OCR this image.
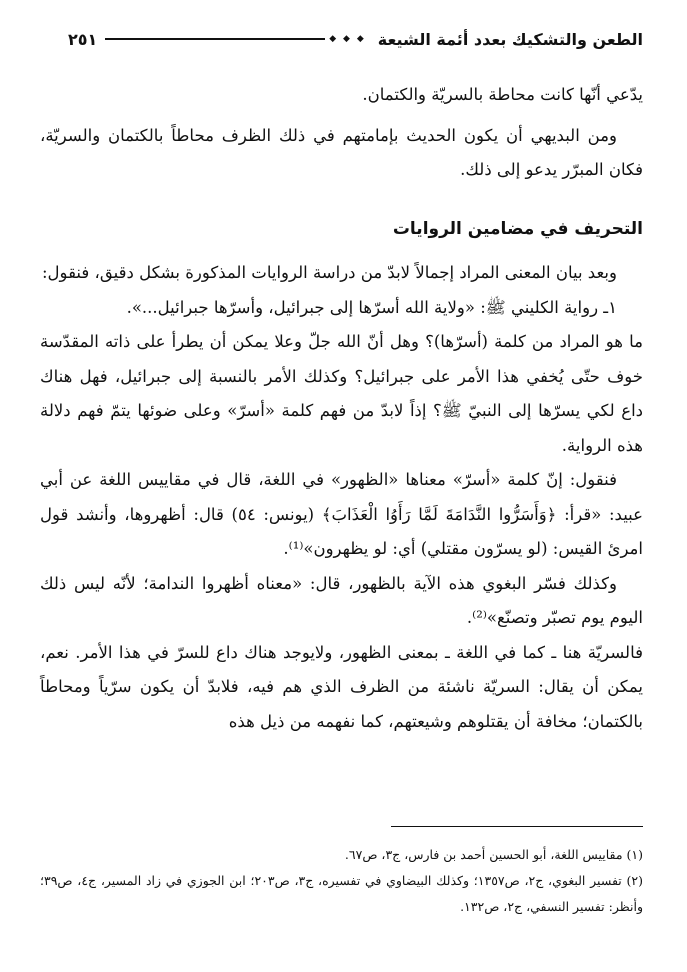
الطعن والتشكيك بعدد أئمة الشيعة
◆ ◆ ◆
٢٥١

يدّعي أنّها كانت محاطة بالسريّة والكتمان.

ومن البديهي أن يكون الحديث بإمامتهم في ذلك الظرف محاطاً بالكتمان والسريّة، فكان المبرّر يدعو إلى ذلك.

التحريف في مضامين الروايات

وبعد بيان المعنى المراد إجمالاً لابدّ من دراسة الروايات المذكورة بشكل دقيق، فنقول:

١ـ رواية الكليني ﷺ: «ولاية الله أسرّها إلى جبرائيل، وأسرّها جبرائيل...».

ما هو المراد من كلمة (أسرّها)؟ وهل أنّ الله جلّ وعلا يمكن أن يطرأ على ذاته المقدّسة خوف حتّى يُخفي هذا الأمر على جبرائيل؟ وكذلك الأمر بالنسبة إلى جبرائيل، فهل هناك داع لكي يسرّها إلى النبيّ ﷺ؟ إذاً لابدّ من فهم كلمة «أسرّ» وعلى ضوئها يتمّ فهم دلالة هذه الرواية.

فنقول: إنّ كلمة «أسرّ» معناها «الظهور» في اللغة، قال في مقاييس اللغة عن أبي عبيد: «قرأ: ﴿وَأَسَرُّوا النَّدَامَةَ لَمَّا رَأَوُا الْعَذَابَ﴾ (يونس: ٥٤) قال: أظهروها، وأنشد قول امرئ القيس: (لو يسرّون مقتلي) أي: لو يظهرون»⁽¹⁾.

وكذلك فسّر البغوي هذه الآية بالظهور، قال: «معناه أظهروا الندامة؛ لأنّه ليس ذلك اليوم يوم تصبّر وتصنّع»⁽²⁾.

فالسريّة هنا ـ كما في اللغة ـ بمعنى الظهور، ولايوجد هناك داع للسرّ في هذا الأمر. نعم، يمكن أن يقال: السريّة ناشئة من الظرف الذي هم فيه، فلابدّ أن يكون سرّياً ومحاطاً بالكتمان؛ مخافة أن يقتلوهم وشيعتهم، كما نفهمه من ذيل هذه

(١) مقاييس اللغة، أبو الحسين أحمد بن فارس، ج٣، ص٦٧.

(٢) تفسير البغوي، ج٢، ص١٣٥٧؛ وكذلك البيضاوي في تفسيره، ج٣، ص٢٠٣؛ ابن الجوزي في زاد المسير، ج٤، ص٣٩؛ وأنظر: تفسير النسفي، ج٢، ص١٣٢.
